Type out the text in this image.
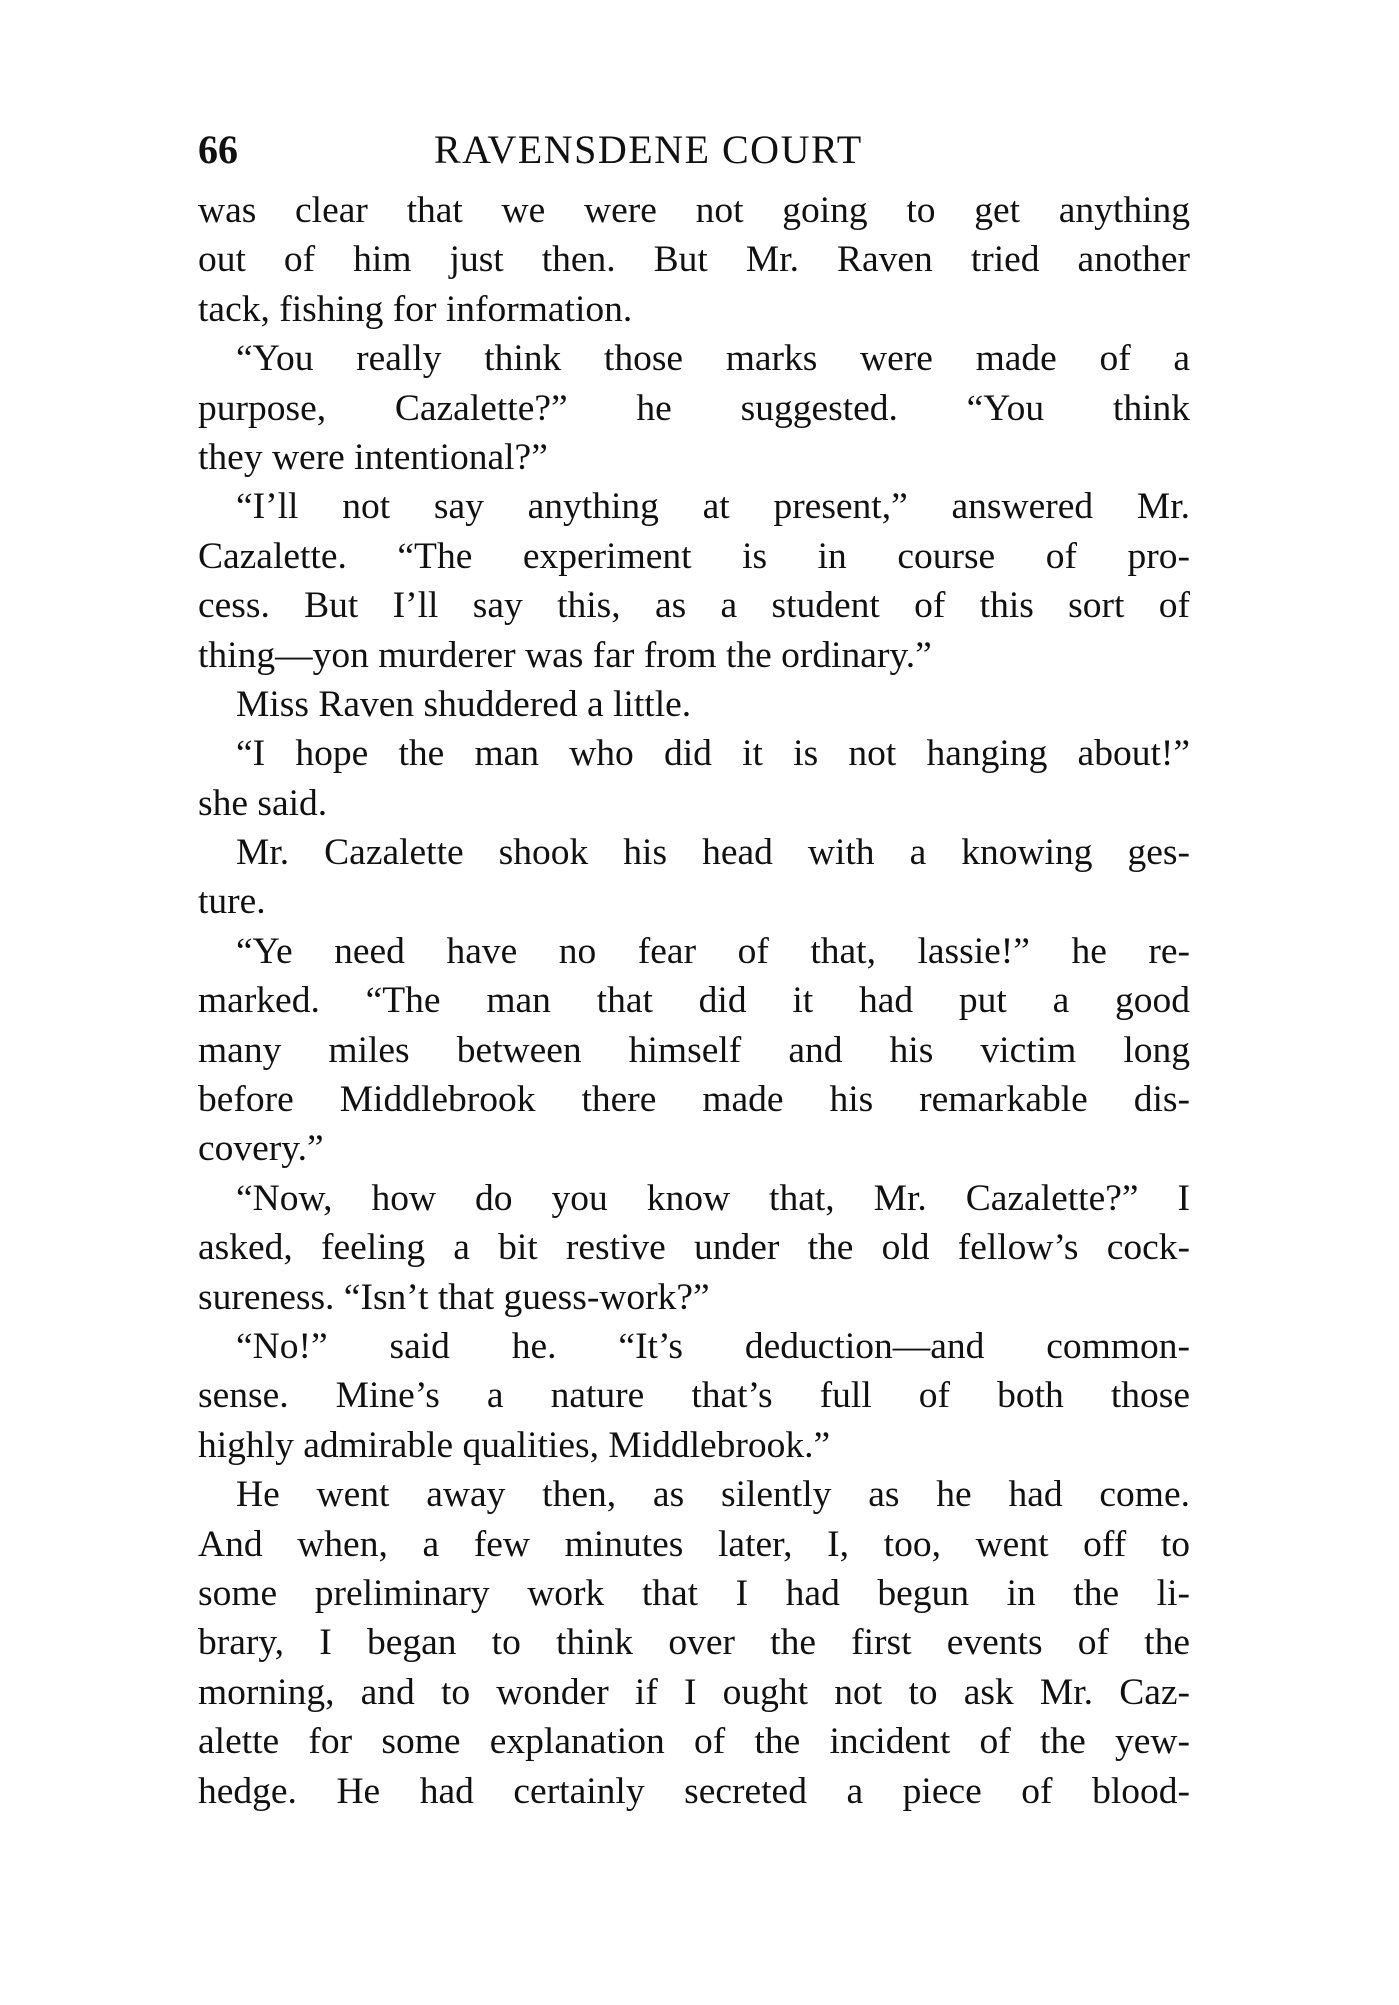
66	RAVENSDENE COURT
was clear that we were not going to get anything
out of him just then. But Mr. Raven tried another
tack, fishing for information.
“You really think those marks were made of a
purpose, Cazalette?” he suggested. “You think
they were intentional?”
“I’ll not say anything at present,” answered Mr.
Cazalette. “The experiment is in course of pro-
cess. But I’ll say this, as a student of this sort of
thing—yon murderer was far from the ordinary.”
Miss Raven shuddered a little.
“I hope the man who did it is not hanging about!”
she said.
Mr. Cazalette shook his head with a knowing ges-
ture.
“Ye need have no fear of that, lassie!” he re-
marked. “The man that did it had put a good
many miles between himself and his victim long
before Middlebrook there made his remarkable dis-
covery.”
“Now, how do you know that, Mr. Cazalette?” I
asked, feeling a bit restive under the old fellow’s cock-
sureness. “Isn’t that guess-work?”
“No!” said he. “It’s deduction—and common-
sense. Mine’s a nature that’s full of both those
highly admirable qualities, Middlebrook.”
He went away then, as silently as he had come.
And when, a few minutes later, I, too, went off to
some preliminary work that I had begun in the li-
brary, I began to think over the first events of the
morning, and to wonder if I ought not to ask Mr. Caz-
alette for some explanation of the incident of the yew-
hedge. He had certainly secreted a piece of blood-
